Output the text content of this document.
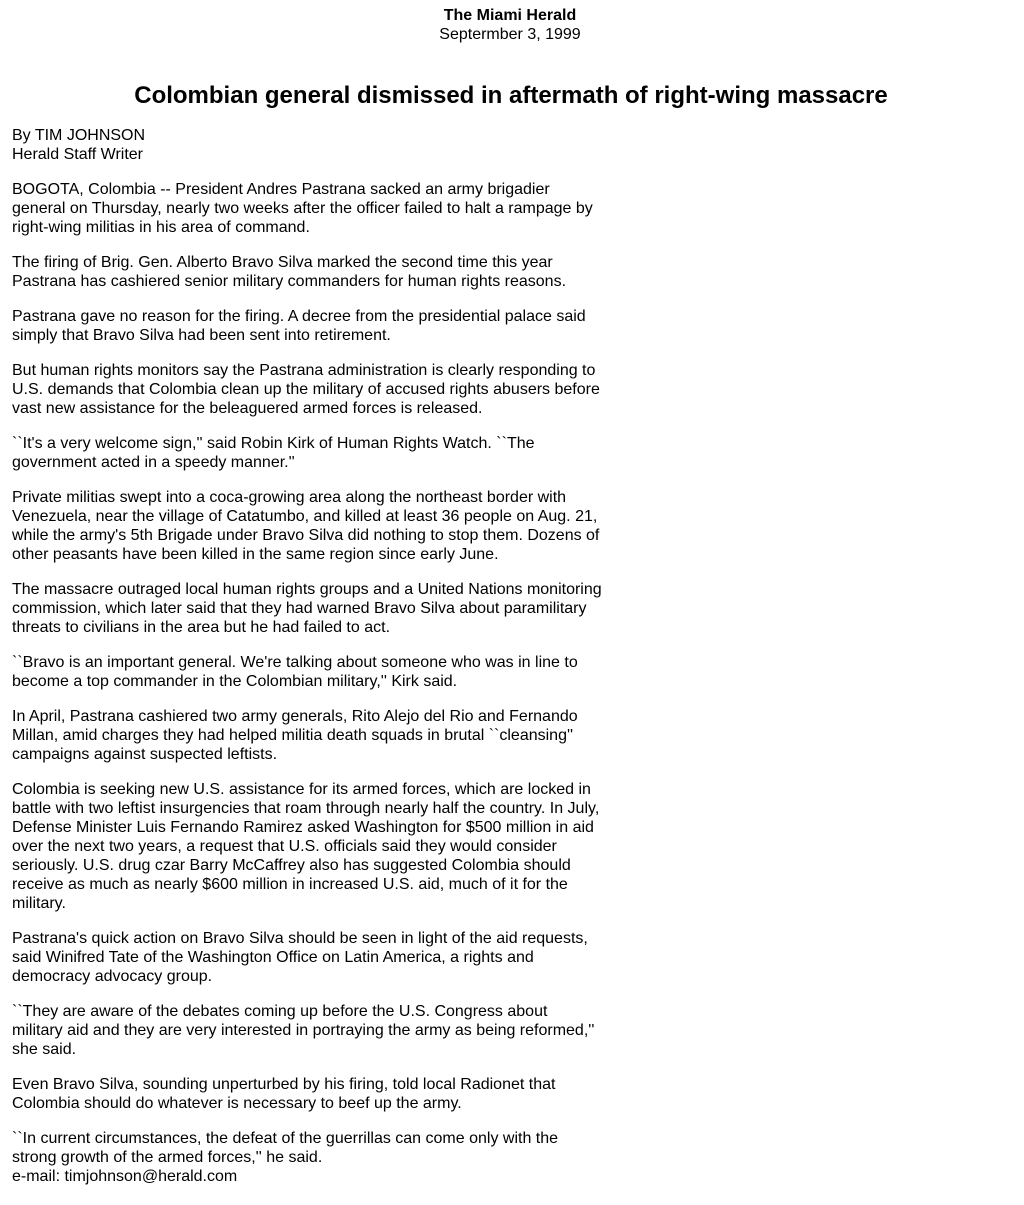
The Miami Herald
Septermber 3, 1999
Colombian general dismissed in aftermath of right-wing massacre
By TIM JOHNSON
Herald Staff Writer

BOGOTA, Colombia -- President Andres Pastrana sacked an army brigadier general on Thursday, nearly two weeks after the officer failed to halt a rampage by right-wing militias in his area of command.

The firing of Brig. Gen. Alberto Bravo Silva marked the second time this year Pastrana has cashiered senior military commanders for human rights reasons.

Pastrana gave no reason for the firing. A decree from the presidential palace said simply that Bravo Silva had been sent into retirement.

But human rights monitors say the Pastrana administration is clearly responding to U.S. demands that Colombia clean up the military of accused rights abusers before vast new assistance for the beleaguered armed forces is released.

``It's a very welcome sign,'' said Robin Kirk of Human Rights Watch. ``The government acted in a speedy manner.''

Private militias swept into a coca-growing area along the northeast border with Venezuela, near the village of Catatumbo, and killed at least 36 people on Aug. 21, while the army's 5th Brigade under Bravo Silva did nothing to stop them. Dozens of other peasants have been killed in the same region since early June.

The massacre outraged local human rights groups and a United Nations monitoring commission, which later said that they had warned Bravo Silva about paramilitary threats to civilians in the area but he had failed to act.

``Bravo is an important general. We're talking about someone who was in line to become a top commander in the Colombian military,'' Kirk said.

In April, Pastrana cashiered two army generals, Rito Alejo del Rio and Fernando Millan, amid charges they had helped militia death squads in brutal ``cleansing'' campaigns against suspected leftists.

Colombia is seeking new U.S. assistance for its armed forces, which are locked in battle with two leftist insurgencies that roam through nearly half the country. In July, Defense Minister Luis Fernando Ramirez asked Washington for $500 million in aid over the next two years, a request that U.S. officials said they would consider seriously. U.S. drug czar Barry McCaffrey also has suggested Colombia should receive as much as nearly $600 million in increased U.S. aid, much of it for the military.

Pastrana's quick action on Bravo Silva should be seen in light of the aid requests, said Winifred Tate of the Washington Office on Latin America, a rights and democracy advocacy group.

``They are aware of the debates coming up before the U.S. Congress about military aid and they are very interested in portraying the army as being reformed,'' she said.

Even Bravo Silva, sounding unperturbed by his firing, told local Radionet that Colombia should do whatever is necessary to beef up the army.

``In current circumstances, the defeat of the guerrillas can come only with the strong growth of the armed forces,'' he said.

e-mail: timjohnson@herald.com
